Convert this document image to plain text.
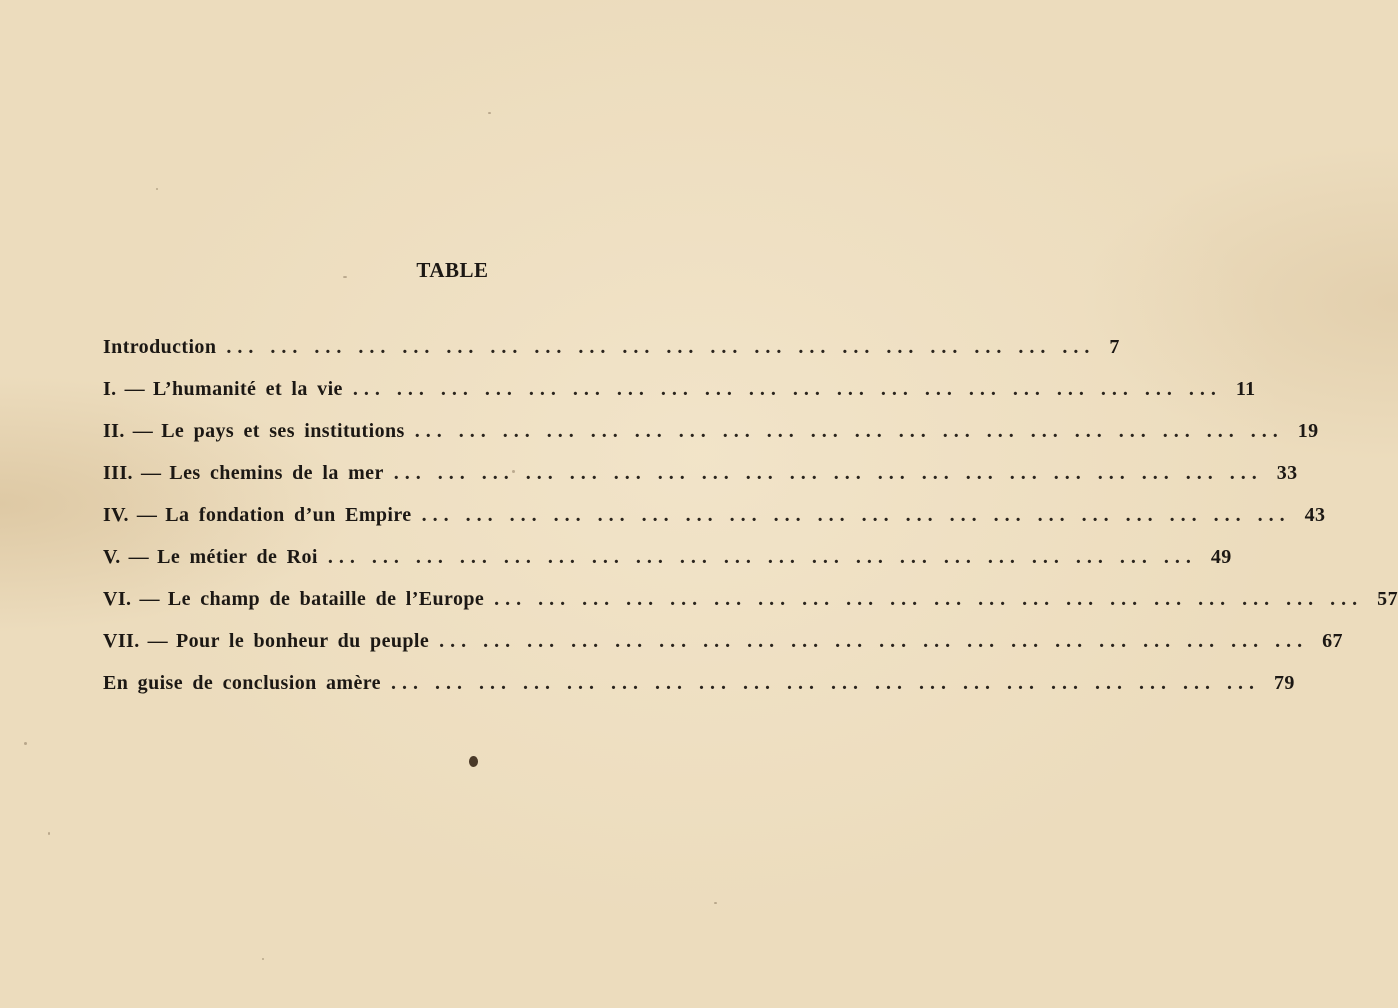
TABLE
Introduction ... ... ... ... ... ... ... ... ... ... ... ... ... ... ... ... ... ... ... ... 7
I. — L’humanité et la vie ... ... ... ... ... ... ... ... ... ... ... ... ... ... ... ... ... ... ... ... 11
II. — Le pays et ses institutions ... ... ... ... ... ... ... ... ... ... ... ... ... ... ... ... ... ... ... ... 19
III. — Les chemins de la mer ... ... ... ... ... ... ... ... ... ... ... ... ... ... ... ... ... ... ... ... 33
IV. — La fondation d’un Empire ... ... ... ... ... ... ... ... ... ... ... ... ... ... ... ... ... ... ... ... 43
V. — Le métier de Roi ... ... ... ... ... ... ... ... ... ... ... ... ... ... ... ... ... ... ... ... 49
VI. — Le champ de bataille de l’Europe ... ... ... ... ... ... ... ... ... ... ... ... ... ... ... ... ... ... ... ... 57
VII. — Pour le bonheur du peuple ... ... ... ... ... ... ... ... ... ... ... ... ... ... ... ... ... ... ... ... 67
En guise de conclusion amère ... ... ... ... ... ... ... ... ... ... ... ... ... ... ... ... ... ... ... ... 79
